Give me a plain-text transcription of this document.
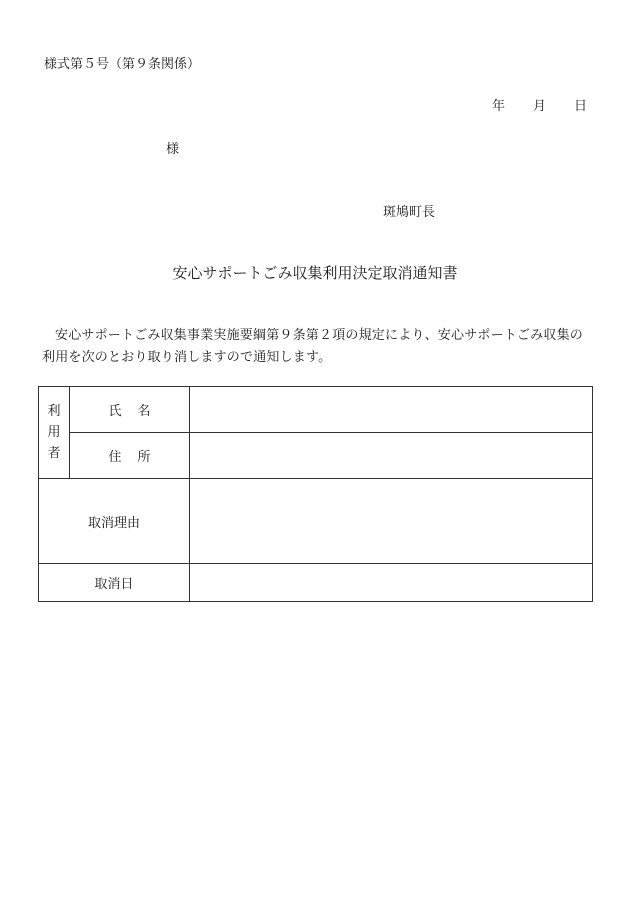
様式第５号（第９条関係）
年 月 日
様
斑鳩町長
安心サポートごみ収集利用決定取消通知書
安心サポートごみ収集事業実施要綱第９条第２項の規定により、安心サポートごみ収集の利用を次のとおり取り消しますので通知します。
利
用
者	氏 名	
	住 所	
取消理由		
取消日		
